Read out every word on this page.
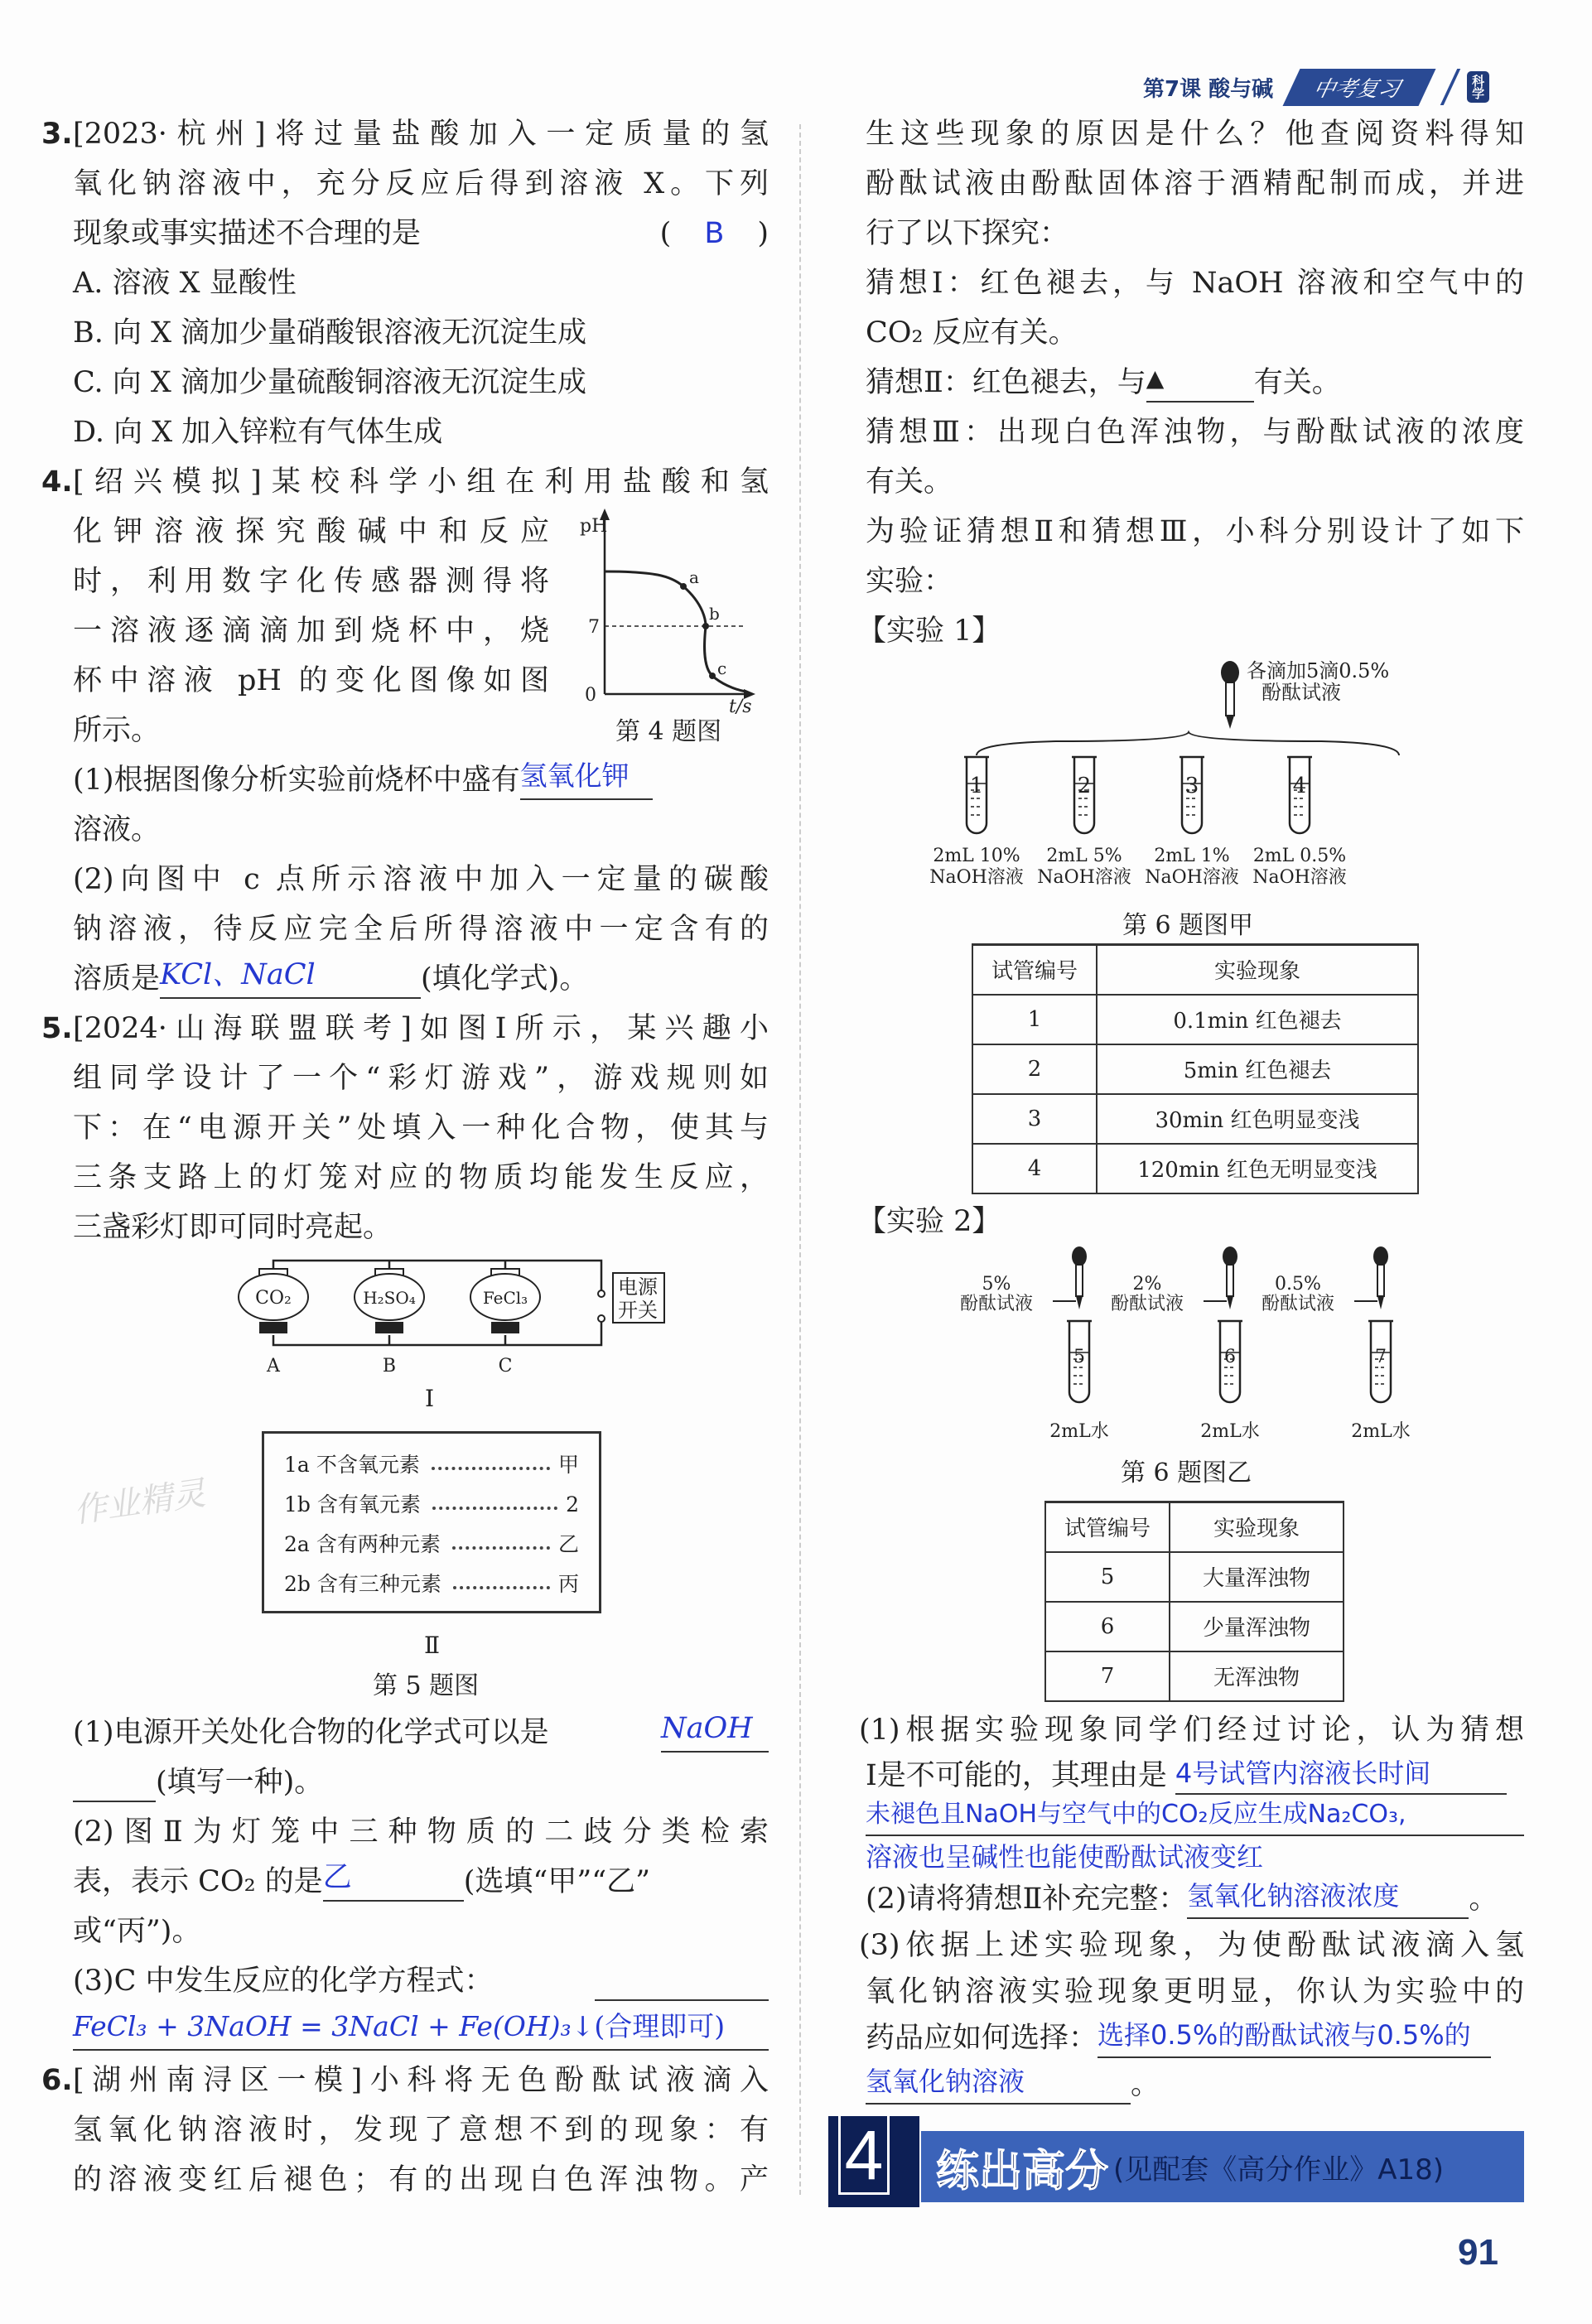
第7课 酸与碱	中考复习	科学
3.[2023·杭州]将过量盐酸加入一定质量的氢
氧化钠溶液中，充分反应后得到溶液 X。下列
现象或事实描述不合理的是	( B )
A. 溶液 X 显酸性
B. 向 X 滴加少量硝酸银溶液无沉淀生成
C. 向 X 滴加少量硫酸铜溶液无沉淀生成
D. 向 X 加入锌粒有气体生成
4.[绍兴模拟]某校科学小组在利用盐酸和氢
化钾溶液探究酸碱中和反应
时，利用数字化传感器测得将
一溶液逐滴滴加到烧杯中，烧
杯中溶液 pH 的变化图像如图
所示。
pH
7
0
t/s
a
b
c
第 4 题图
(1)根据图像分析实验前烧杯中盛有氢氧化钾
溶液。
(2)向图中 c 点所示溶液中加入一定量的碳酸
钠溶液，待反应完全后所得溶液中一定含有的
溶质是KCl、NaCl	(填化学式)。
5.[2024·山海联盟联考]如图Ⅰ所示，某兴趣小
组同学设计了一个“彩灯游戏”，游戏规则如
下：在“电源开关”处填入一种化合物，使其与
三条支路上的灯笼对应的物质均能发生反应，
三盏彩灯即可同时亮起。
作业精灵
电源
开关
CO₂
A
H₂SO₄
B
FeCl₃
C
Ⅰ
1a 不含氧元素	甲
1b 含有氧元素	2
2a 含有两种元素	乙
2b 含有三种元素	丙
Ⅱ
第 5 题图
(1)电源开关处化合物的化学式可以是	NaOH
(填写一种)。
(2)图Ⅱ为灯笼中三种物质的二歧分类检索
表，表示 CO₂ 的是乙	(选填“甲”“乙”
或“丙”)。
(3)C 中发生反应的化学方程式：
FeCl₃ + 3NaOH = 3NaCl + Fe(OH)₃↓(合理即可)
6.[湖州南浔区一模]小科将无色酚酞试液滴入
氢氧化钠溶液时，发现了意想不到的现象：有
的溶液变红后褪色；有的出现白色浑浊物。产
生这些现象的原因是什么？他查阅资料得知
酚酞试液由酚酞固体溶于酒精配制而成，并进
行了以下探究：
猜想Ⅰ：红色褪去，与 NaOH 溶液和空气中的
CO₂ 反应有关。
猜想Ⅱ：红色褪去，与▲	有关。
猜想Ⅲ：出现白色浑浊物，与酚酞试液的浓度
有关。
为验证猜想Ⅱ和猜想Ⅲ，小科分别设计了如下
实验：
【实验 1】
各滴加5滴0.5%
酚酞试液
1
2mL 10%
NaOH溶液
2
2mL 5%
NaOH溶液
3
2mL 1%
NaOH溶液
4
2mL 0.5%
NaOH溶液
第 6 题图甲
试管编号	实验现象
1	0.1min 红色褪去
2	5min 红色褪去
3	30min 红色明显变浅
4	120min 红色无明显变浅
【实验 2】
5%
酚酞试液
5
2mL水
2%
酚酞试液
6
2mL水
0.5%
酚酞试液
7
2mL水
第 6 题图乙
试管编号	实验现象
5	大量浑浊物
6	少量浑浊物
7	无浑浊物
(1)根据实验现象同学们经过讨论，认为猜想
Ⅰ是不可能的，其理由是 4号试管内溶液长时间
未褪色且NaOH与空气中的CO₂反应生成Na₂CO₃,
溶液也呈碱性也能使酚酞试液变红
(2)请将猜想Ⅱ补充完整：氢氧化钠溶液浓度 。
(3)依据上述实验现象，为使酚酞试液滴入氢
氧化钠溶液实验现象更明显，你认为实验中的
药品应如何选择：选择0.5%的酚酞试液与0.5%的
氢氧化钠溶液	。
4 练出高分 (见配套《高分作业》A18)
91
